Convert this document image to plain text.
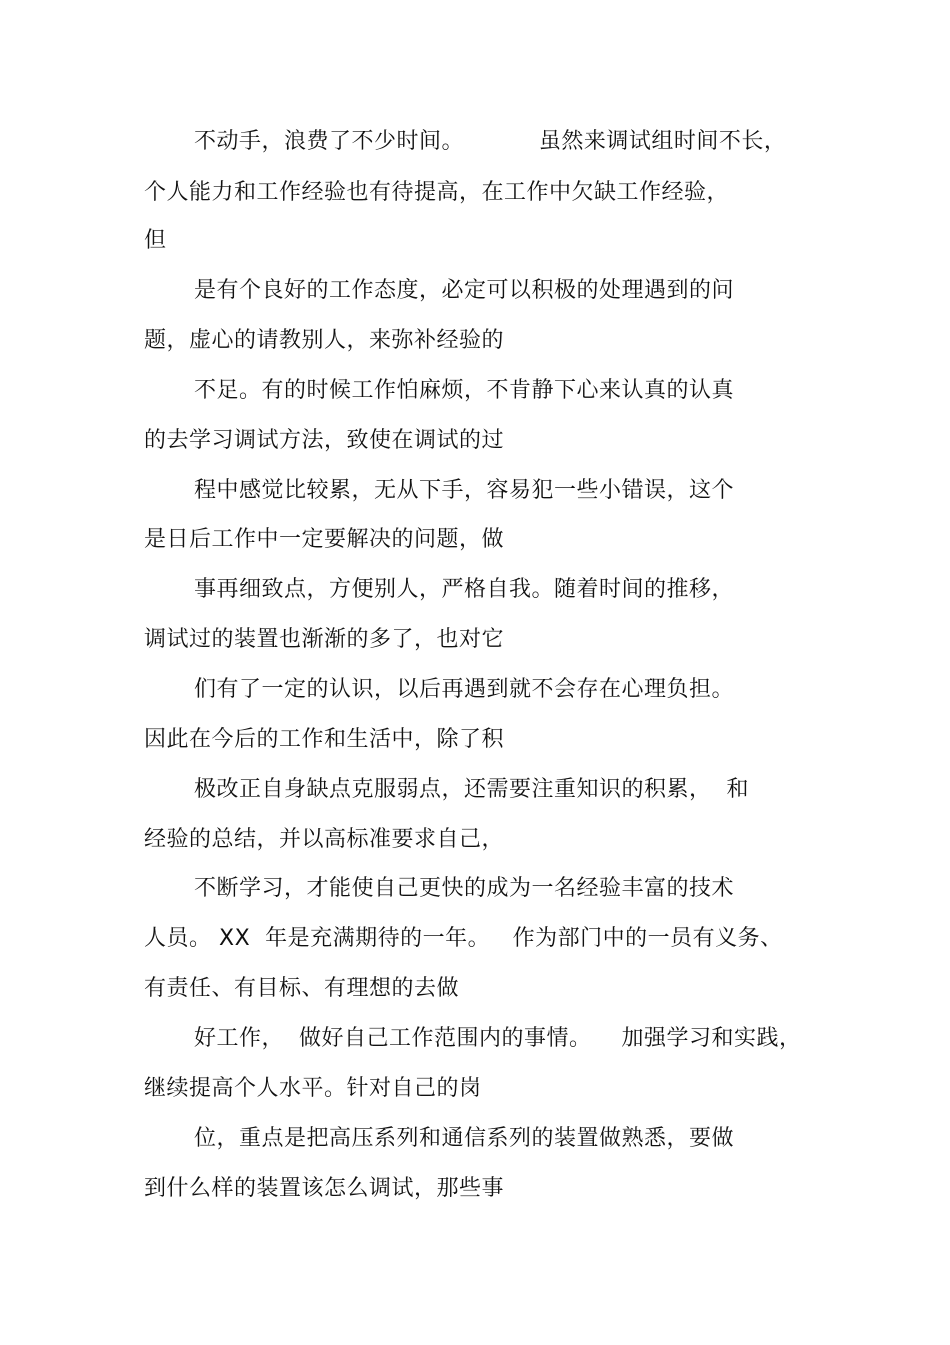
不动手，浪费了不少时间。          虽然来调试组时间不长，
个人能力和工作经验也有待提高，在工作中欠缺工作经验，
但
是有个良好的工作态度，必定可以积极的处理遇到的问
题，虚心的请教别人，来弥补经验的
不足。有的时候工作怕麻烦，不肯静下心来认真的认真
的去学习调试方法，致使在调试的过
程中感觉比较累，无从下手，容易犯一些小错误，这个
是日后工作中一定要解决的问题，做
事再细致点，方便别人，严格自我。随着时间的推移，
调试过的装置也渐渐的多了，也对它
们有了一定的认识，以后再遇到就不会存在心理负担。
因此在今后的工作和生活中，除了积
极改正自身缺点克服弱点，还需要注重知识的积累，  和
经验的总结，并以高标准要求自己，
不断学习，才能使自己更快的成为一名经验丰富的技术
人员。 XX  年是充满期待的一年。   作为部门中的一员有义务、
有责任、有目标、有理想的去做
好工作，  做好自己工作范围内的事情。    加强学习和实践，
继续提高个人水平。针对自己的岗
位，重点是把高压系列和通信系列的装置做熟悉，要做
到什么样的装置该怎么调试，那些事
